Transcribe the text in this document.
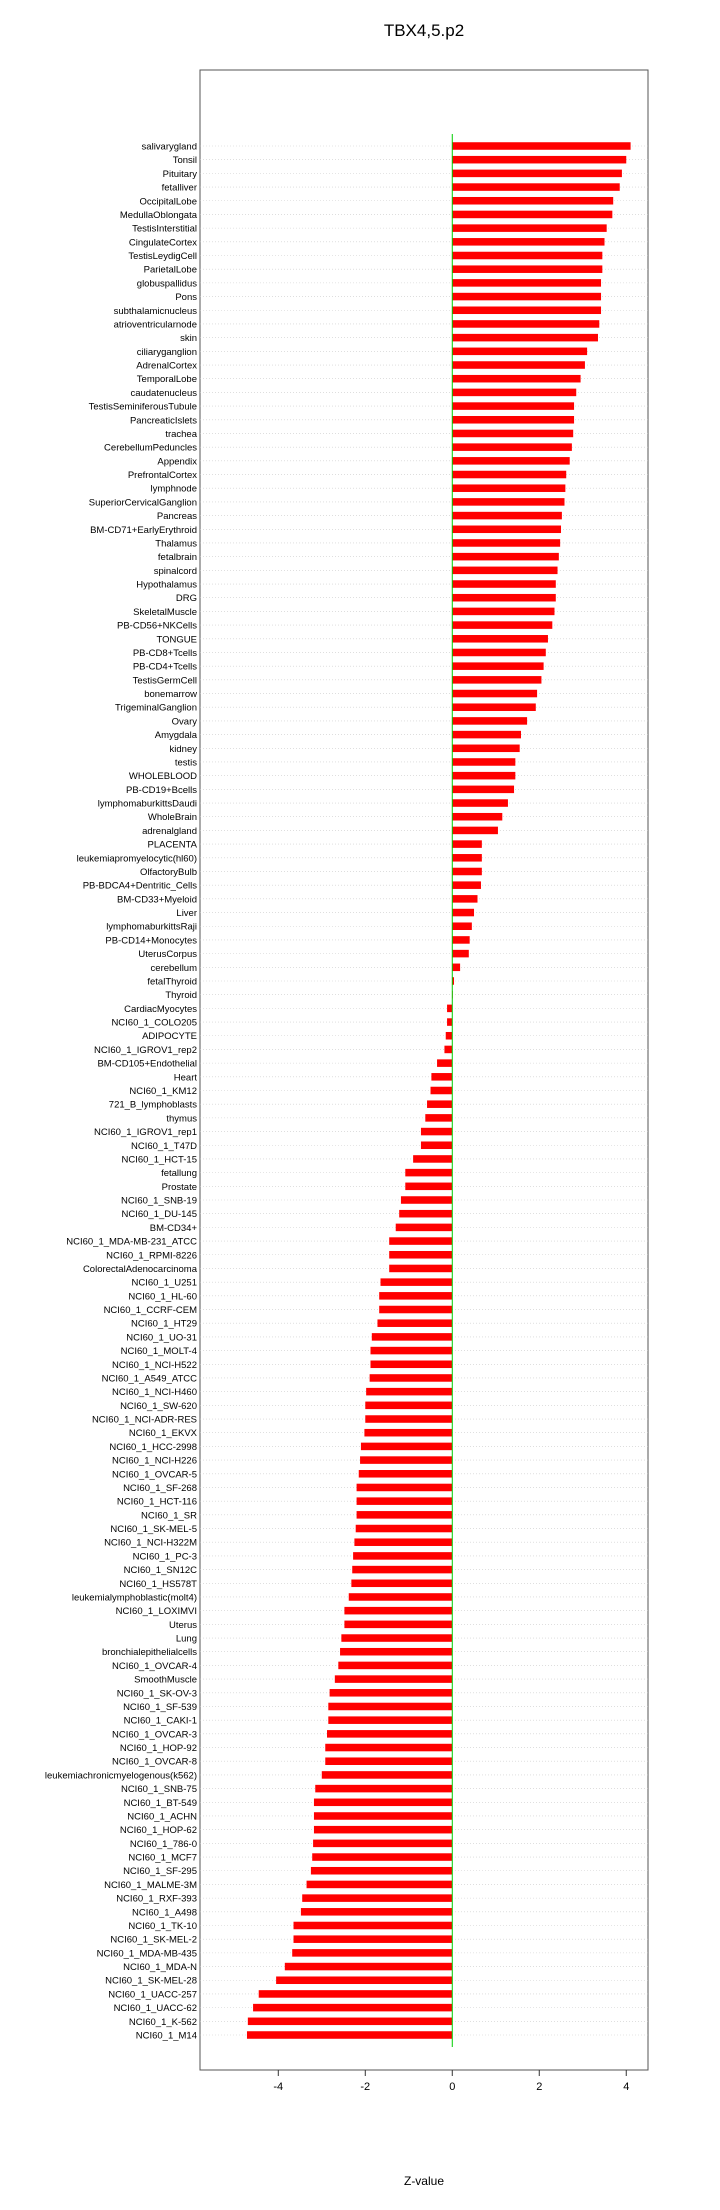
TBX4,5.p2
salivarygland
Tonsil
Pituitary
fetalliver
OccipitalLobe
MedullaOblongata
TestisInterstitial
CingulateCortex
TestisLeydigCell
ParietalLobe
globuspallidus
Pons
subthalamicnucleus
atrioventricularnode
skin
ciliaryganglion
AdrenalCortex
TemporalLobe
caudatenucleus
TestisSeminiferousTubule
PancreaticIslets
trachea
CerebellumPeduncles
Appendix
PrefrontalCortex
lymphnode
SuperiorCervicalGanglion
Pancreas
BM-CD71+EarlyErythroid
Thalamus
fetalbrain
spinalcord
Hypothalamus
DRG
SkeletalMuscle
PB-CD56+NKCells
TONGUE
PB-CD8+Tcells
PB-CD4+Tcells
TestisGermCell
bonemarrow
TrigeminalGanglion
Ovary
Amygdala
kidney
testis
WHOLEBLOOD
PB-CD19+Bcells
lymphomaburkittsDaudi
WholeBrain
adrenalgland
PLACENTA
leukemiapromyelocytic(hl60)
OlfactoryBulb
PB-BDCA4+Dentritic_Cells
BM-CD33+Myeloid
Liver
lymphomaburkittsRaji
PB-CD14+Monocytes
UterusCorpus
cerebellum
fetalThyroid
Thyroid
CardiacMyocytes
NCI60_1_COLO205
ADIPOCYTE
NCI60_1_IGROV1_rep2
BM-CD105+Endothelial
Heart
NCI60_1_KM12
721_B_lymphoblasts
thymus
NCI60_1_IGROV1_rep1
NCI60_1_T47D
NCI60_1_HCT-15
fetallung
Prostate
NCI60_1_SNB-19
NCI60_1_DU-145
BM-CD34+
NCI60_1_MDA-MB-231_ATCC
NCI60_1_RPMI-8226
ColorectalAdenocarcinoma
NCI60_1_U251
NCI60_1_HL-60
NCI60_1_CCRF-CEM
NCI60_1_HT29
NCI60_1_UO-31
NCI60_1_MOLT-4
NCI60_1_NCI-H522
NCI60_1_A549_ATCC
NCI60_1_NCI-H460
NCI60_1_SW-620
NCI60_1_NCI-ADR-RES
NCI60_1_EKVX
NCI60_1_HCC-2998
NCI60_1_NCI-H226
NCI60_1_OVCAR-5
NCI60_1_SF-268
NCI60_1_HCT-116
NCI60_1_SR
NCI60_1_SK-MEL-5
NCI60_1_NCI-H322M
NCI60_1_PC-3
NCI60_1_SN12C
NCI60_1_HS578T
leukemialymphoblastic(molt4)
NCI60_1_LOXIMVI
Uterus
Lung
bronchialepithelialcells
NCI60_1_OVCAR-4
SmoothMuscle
NCI60_1_SK-OV-3
NCI60_1_SF-539
NCI60_1_CAKI-1
NCI60_1_OVCAR-3
NCI60_1_HOP-92
NCI60_1_OVCAR-8
leukemiachronicmyelogenous(k562)
NCI60_1_SNB-75
NCI60_1_BT-549
NCI60_1_ACHN
NCI60_1_HOP-62
NCI60_1_786-0
NCI60_1_MCF7
NCI60_1_SF-295
NCI60_1_MALME-3M
NCI60_1_RXF-393
NCI60_1_A498
NCI60_1_TK-10
NCI60_1_SK-MEL-2
NCI60_1_MDA-MB-435
NCI60_1_MDA-N
NCI60_1_SK-MEL-28
NCI60_1_UACC-257
NCI60_1_UACC-62
NCI60_1_K-562
NCI60_1_M14
-4	-2	0	2	4
Z-value
